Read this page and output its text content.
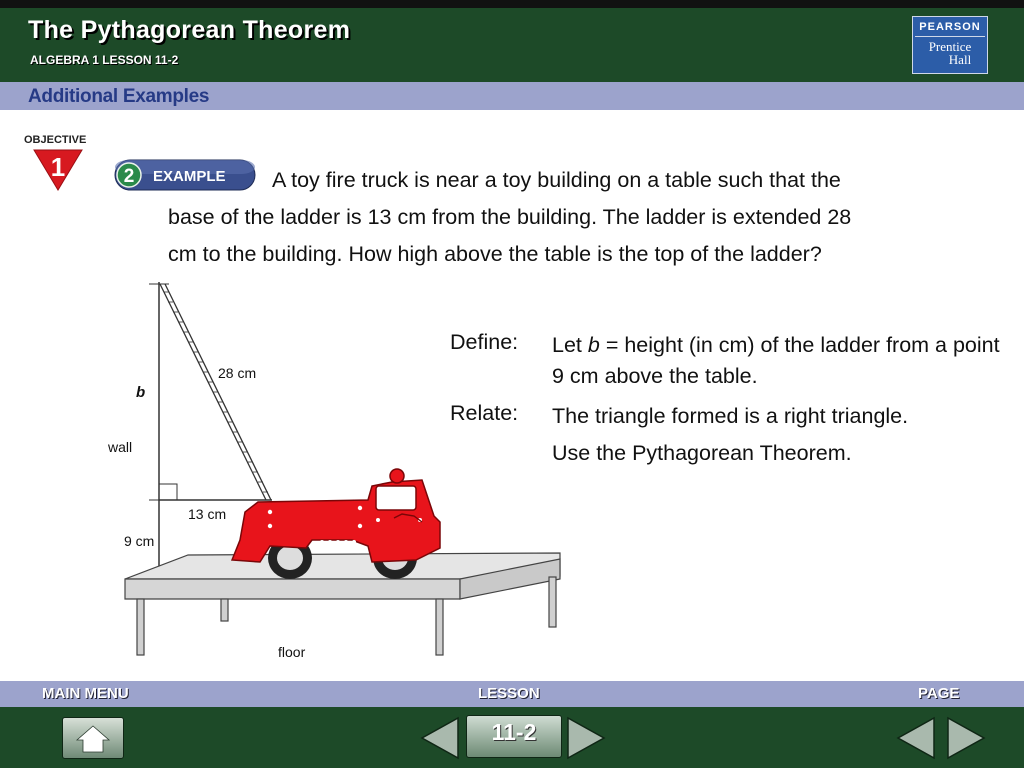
The Pythagorean Theorem
ALGEBRA 1 LESSON 11-2
PEARSON
Prentice
Hall
Additional Examples
OBJECTIVE
1	2 EXAMPLE	A toy fire truck is near a toy building on a table such that the
base of the ladder is 13 cm from the building. The ladder is extended 28
cm to the building. How high above the table is the top of the ladder?
Define: Let b = height (in cm) of the ladder from a point 9 cm above the table.
Relate: The triangle formed is a right triangle.
Use the Pythagorean Theorem.
28 cm
b
wall
13 cm
9 cm
floor
MAIN MENU	LESSON	PAGE
11-2
